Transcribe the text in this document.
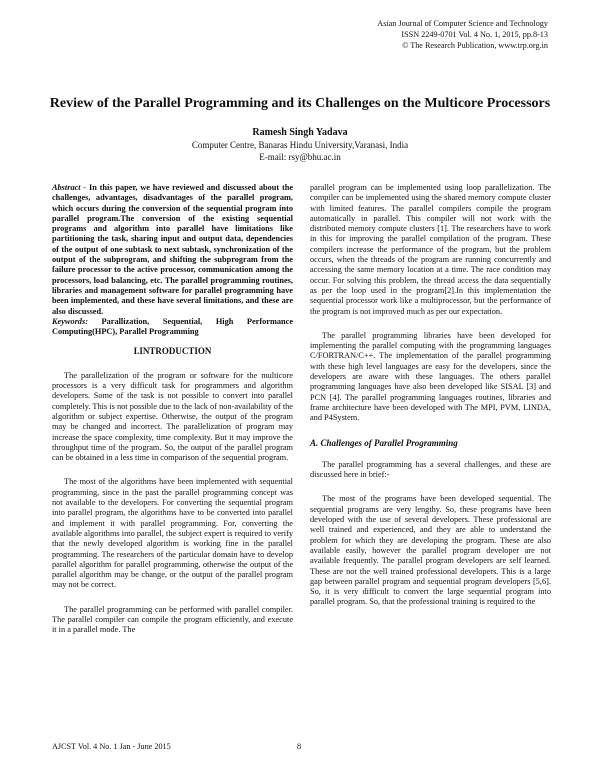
Asian Journal of Computer Science and Technology
ISSN 2249-0701 Vol. 4 No. 1, 2015, pp.8-13
© The Research Publication, www.trp.org.in
Review of the Parallel Programming and its Challenges on the Multicore Processors
Ramesh Singh Yadava
Computer Centre, Banaras Hindu University,Varanasi, India
E-mail: rsy@bhu.ac.in

Abstract - In this paper, we have reviewed and discussed about the challenges, advantages, disadvantages of the parallel program, which occurs during the conversion of the sequential program into parallel program.The conversion of the existing sequential programs and algorithm into parallel have limitations like partitioning the task, sharing input and output data, dependencies of the output of one subtask to next subtask, synchronization of the output of the subprogram, and shifting the subprogram from the failure processor to the active processor, communication among the processors, load balancing, etc. The parallel programming routines, libraries and management software for parallel programming have been implemented, and these have several limitations, and these are also discussed.

Keywords: Parallization, Sequential, High Performance Computing(HPC), Parallel Programming

I.INTRODUCTION

The parallelization of the program or software for the multicore processors is a very difficult task for programmers and algorithm developers. Some of the task is not possible to convert into parallel completely. This is not possible due to the lack of non-availability of the algorithm or subject expertise. Otherwise, the output of the program may be changed and incorrect. The parallelization of program may increase the space complexity, time complexity. But it may improve the throughput time of the program. So, the output of the parallel program can be obtained in a less time in comparison of the sequential program.

The most of the algorithms have been implemented with sequential programming, since in the past the parallel programming concept was not available to the developers. For converting the sequential program into parallel program, the algorithms have to be converted into parallel and implement it with parallel programming. For, converting the available algorithms into parallel, the subject expert is required to verify that the newly developed algorithm is working fine in the parallel programming. The researchers of the particular domain have to develop parallel algorithm for parallel programming, otherwise the output of the parallel algorithm may be change, or the output of the parallel program may not be correct.

The parallel programming can be performed with parallel compiler. The parallel compiler can compile the program efficiently, and execute it in a parallel mode. The

parallel program can be implemented using loop parallelization. The compiler can be implemented using the shared memory compute cluster with limited features. The parallel compilers compile the program automatically in parallel. This compiler will not work with the distributed memory compute clusters [1]. The researchers have to work in this for improving the parallel compilation of the program. These compilers increase the performance of the program, but the problem occurs, when the threads of the program are running concurrently and accessing the same memory location at a time. The race condition may occur. For solving this problem, the thread access the data sequentially as per the loop used in the program[2].In this implementation the sequential processor work like a multiprocessor, but the performance of the program is not improved much as per our expectation.

The parallel programming libraries have been developed for implementing the parallel computing with the programming languages C/FORTRAN/C++. The implementation of the parallel programming with these high level languages are easy for the developers, since the developers are aware with these languages. The others parallel programming languages have also been developed like SISAL [3] and PCN [4]. The parallel programming languages routines, libraries and frame architecture have been developed with The MPI, PVM, LINDA, and P4System.

A. Challenges of Parallel Programming

The parallel programming has a several challenges, and these are discussed here in brief:-

The most of the programs have been developed sequential. The sequential programs are very lengthy. So, these programs have been developed with the use of several developers. These professional are well trained and experienced, and they are able to understand the problem for which they are developing the program. These are also available easily, however the parallel program developer are not available frequently. The parallel program developers are self learned. These are not the well trained professional developers. This is a large gap between parallel program and sequential program developers [5,6]. So, it is very difficult to convert the large sequential program into parallel program. So, that the professional training is required to the

AJCST Vol. 4 No. 1 Jan - June 2015	8
